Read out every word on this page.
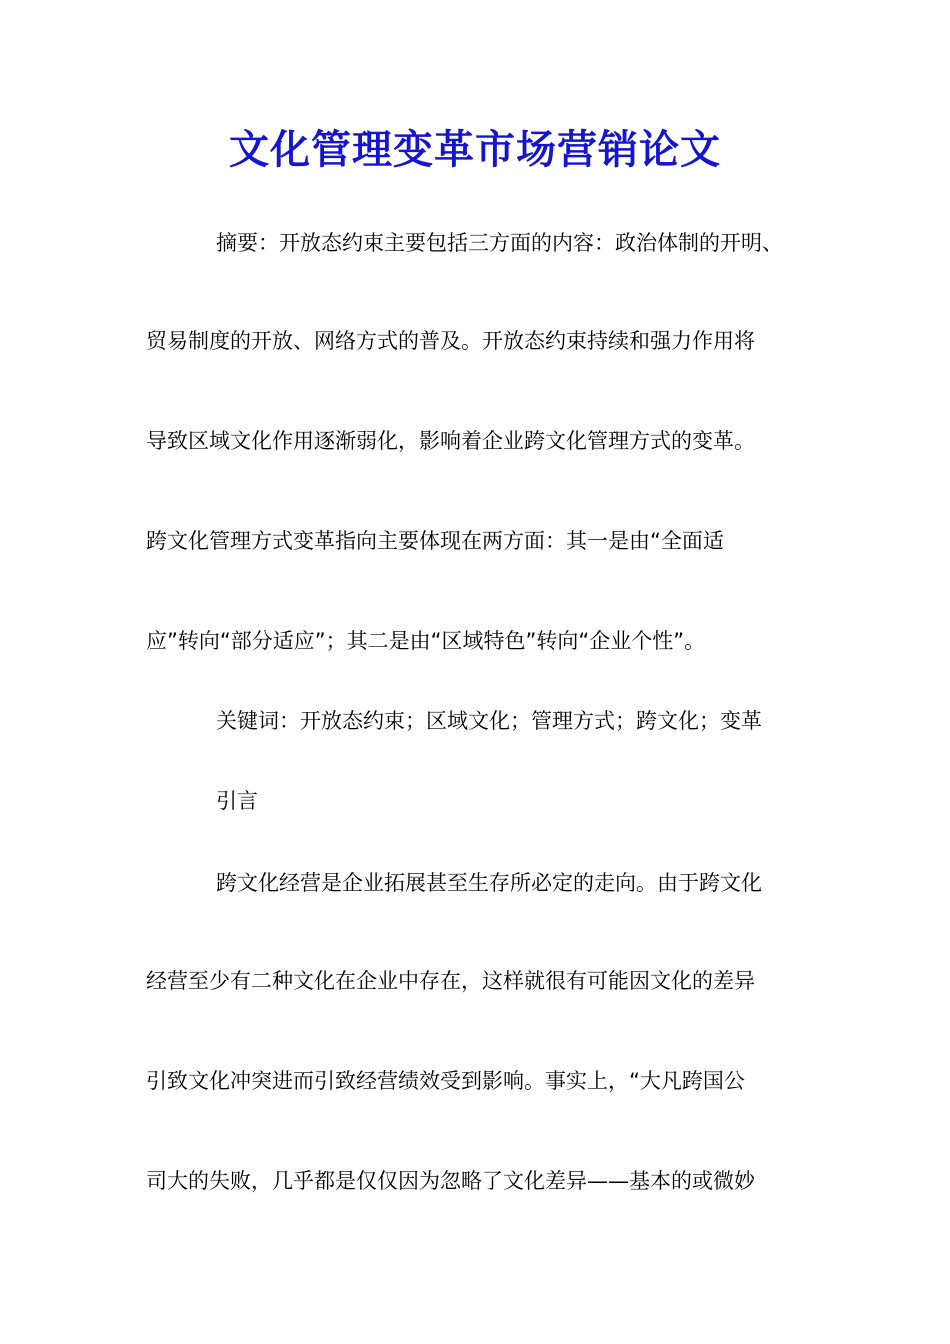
文化管理变革市场营销论文
摘要：开放态约束主要包括三方面的内容：政治体制的开明、
贸易制度的开放、网络方式的普及。开放态约束持续和强力作用将
导致区域文化作用逐渐弱化，影响着企业跨文化管理方式的变革。
跨文化管理方式变革指向主要体现在两方面：其一是由“全面适
应”转向“部分适应”；其二是由“区域特色”转向“企业个性”。
关键词：开放态约束；区域文化；管理方式；跨文化；变革
引言
跨文化经营是企业拓展甚至生存所必定的走向。由于跨文化
经营至少有二种文化在企业中存在，这样就很有可能因文化的差异
引致文化冲突进而引致经营绩效受到影响。事实上，“大凡跨国公
司大的失败，几乎都是仅仅因为忽略了文化差异——基本的或微妙
